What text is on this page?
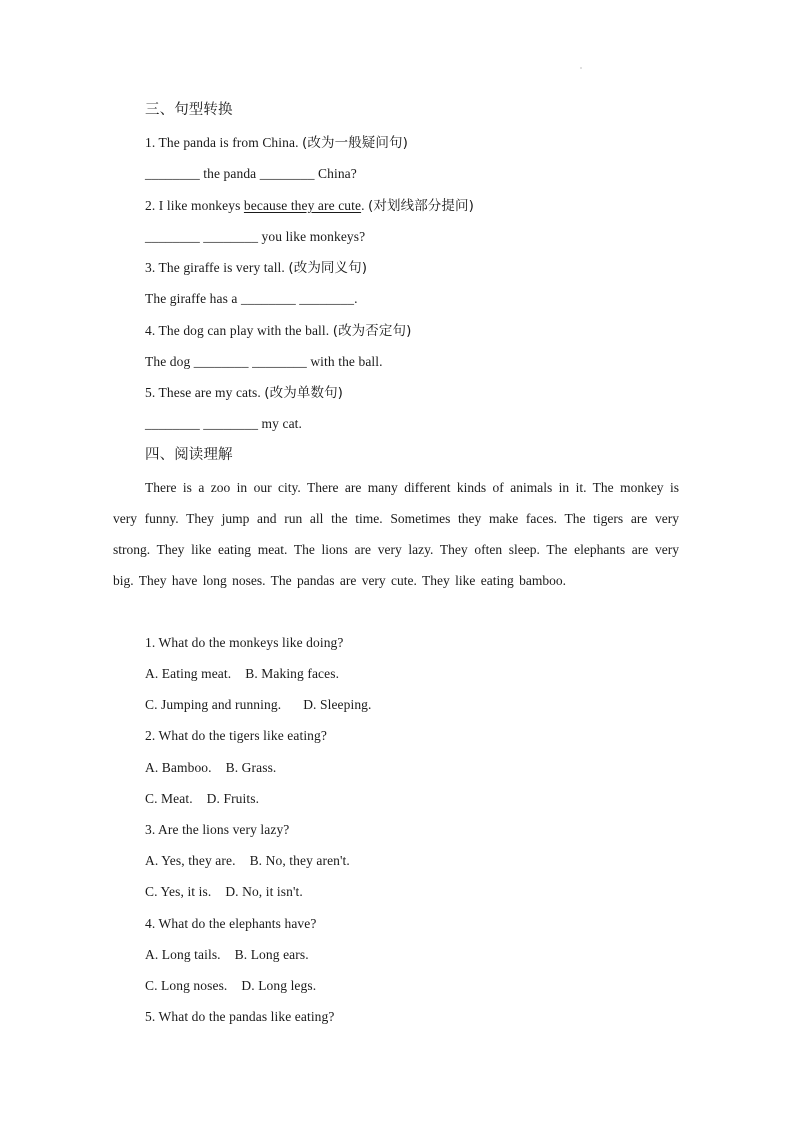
三、句型转换
1. The panda is from China. (改为一般疑问句)
________ the panda ________ China?
2. I like monkeys because they are cute. (对划线部分提问)
________ ________ you like monkeys?
3. The giraffe is very tall. (改为同义句)
The giraffe has a ________ ________.
4. The dog can play with the ball. (改为否定句)
The dog ________ ________ with the ball.
5. These are my cats. (改为单数句)
________ ________ my cat.
四、阅读理解
There is a zoo in our city. There are many different kinds of animals in it. The monkey is very funny. They jump and run all the time. Sometimes they make faces. The tigers are very strong. They like eating meat. The lions are very lazy. They often sleep. The elephants are very big. They have long noses. The pandas are very cute. They like eating bamboo.
1. What do the monkeys like doing?
A. Eating meat. B. Making faces.
C. Jumping and running. D. Sleeping.
2. What do the tigers like eating?
A. Bamboo. B. Grass.
C. Meat. D. Fruits.
3. Are the lions very lazy?
A. Yes, they are. B. No, they aren't.
C. Yes, it is. D. No, it isn't.
4. What do the elephants have?
A. Long tails. B. Long ears.
C. Long noses. D. Long legs.
5. What do the pandas like eating?
